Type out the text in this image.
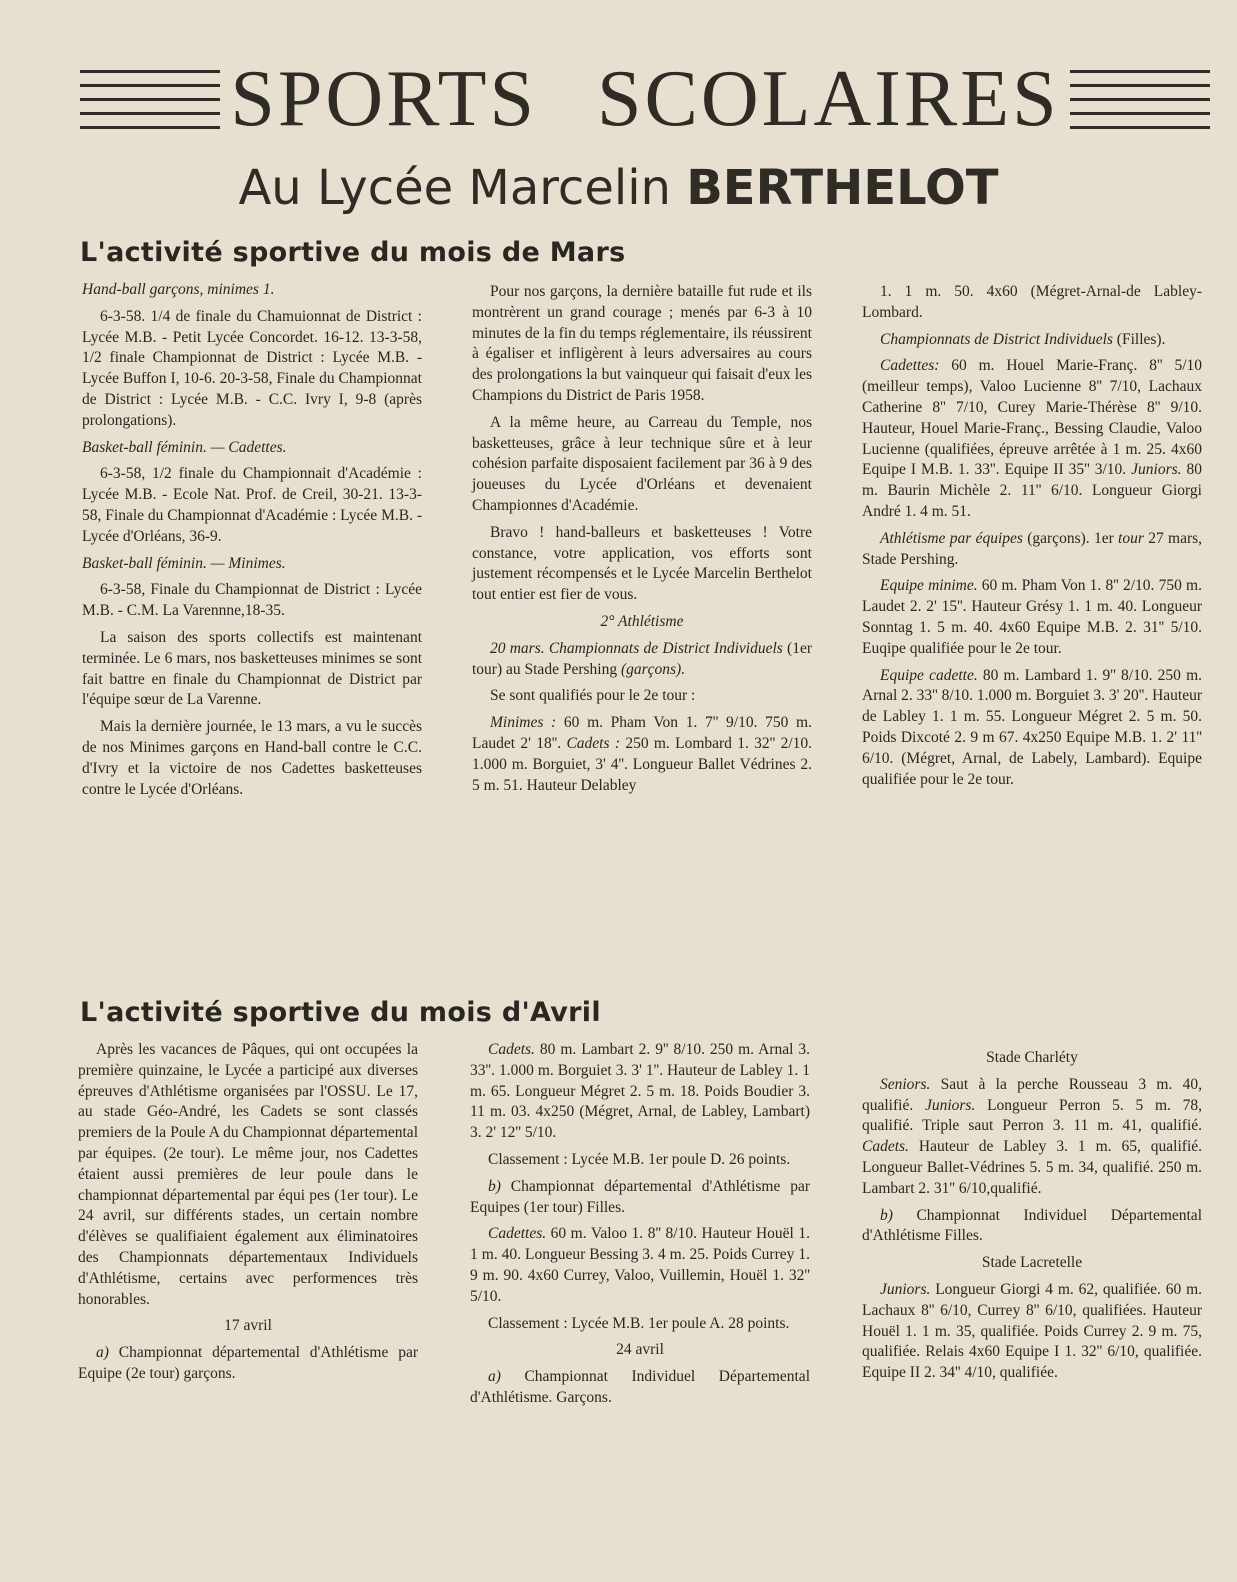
SPORTS SCOLAIRES
Au Lycée Marcelin BERTHELOT
L'activité sportive du mois de Mars

Hand-ball garçons, minimes 1.

6-3-58. 1/4 de finale du Chamuionnat de District : Lycée M.B. - Petit Lycée Concordet. 16-12. 13-3-58, 1/2 finale Championnat de District : Lycée M.B. - Lycée Buffon I, 10-6. 20-3-58, Finale du Championnat de District : Lycée M.B. - C.C. Ivry I, 9-8 (après prolongations).

Basket-ball féminin. — Cadettes.

6-3-58, 1/2 finale du Championnait d'Académie : Lycée M.B. - Ecole Nat. Prof. de Creil, 30-21. 13-3-58, Finale du Championnat d'Académie : Lycée M.B. - Lycée d'Orléans, 36-9.

Basket-ball féminin. — Minimes.

6-3-58, Finale du Championnat de District : Lycée M.B. - C.M. La Varennne,18-35.

La saison des sports collectifs est maintenant terminée. Le 6 mars, nos basketteuses minimes se sont fait battre en finale du Championnat de District par l'équipe sœur de La Varenne.

Mais la dernière journée, le 13 mars, a vu le succès de nos Minimes garçons en Hand-ball contre le C.C. d'Ivry et la victoire de nos Cadettes basketteuses contre le Lycée d'Orléans.

Pour nos garçons, la dernière bataille fut rude et ils montrèrent un grand courage ; menés par 6-3 à 10 minutes de la fin du temps réglementaire, ils réussirent à égaliser et infligèrent à leurs adversaires au cours des prolongations la but vainqueur qui faisait d'eux les Champions du District de Paris 1958.

A la même heure, au Carreau du Temple, nos basketteuses, grâce à leur technique sûre et à leur cohésion parfaite disposaient facilement par 36 à 9 des joueuses du Lycée d'Orléans et devenaient Championnes d'Académie.

Bravo ! hand-balleurs et basketteuses ! Votre constance, votre application, vos efforts sont justement récompensés et le Lycée Marcelin Berthelot tout entier est fier de vous.

2° Athlétisme

20 mars. Championnats de District Individuels (1er tour) au Stade Pershing (garçons).

Se sont qualifiés pour le 2e tour :

Minimes : 60 m. Pham Von 1. 7'' 9/10. 750 m. Laudet 2' 18''. Cadets : 250 m. Lombard 1. 32'' 2/10. 1.000 m. Borguiet, 3' 4''. Longueur Ballet Védrines 2. 5 m. 51. Hauteur Delabley

1. 1 m. 50. 4x60 (Mégret-Arnal-de Labley-Lombard.

Championnats de District Individuels (Filles).

Cadettes: 60 m. Houel Marie-Franç. 8'' 5/10 (meilleur temps), Valoo Lucienne 8'' 7/10, Lachaux Catherine 8'' 7/10, Curey Marie-Thérèse 8'' 9/10. Hauteur, Houel Marie-Franç., Bessing Claudie, Valoo Lucienne (qualifiées, épreuve arrêtée à 1 m. 25. 4x60 Equipe I M.B. 1. 33''. Equipe II 35'' 3/10. Juniors. 80 m. Baurin Michèle 2. 11'' 6/10. Longueur Giorgi André 1. 4 m. 51.

Athlétisme par équipes (garçons). 1er tour 27 mars, Stade Pershing.

Equipe minime. 60 m. Pham Von 1. 8'' 2/10. 750 m. Laudet 2. 2' 15''. Hauteur Grésy 1. 1 m. 40. Longueur Sonntag 1. 5 m. 40. 4x60 Equipe M.B. 2. 31'' 5/10. Euqipe qualifiée pour le 2e tour.

Equipe cadette. 80 m. Lambard 1. 9'' 8/10. 250 m. Arnal 2. 33'' 8/10. 1.000 m. Borguiet 3. 3' 20''. Hauteur de Labley 1. 1 m. 55. Longueur Mégret 2. 5 m. 50. Poids Dixcoté 2. 9 m 67. 4x250 Equipe M.B. 1. 2' 11'' 6/10. (Mégret, Arnal, de Labely, Lambard). Equipe qualifiée pour le 2e tour.

L'activité sportive du mois d'Avril

Après les vacances de Pâques, qui ont occupées la première quinzaine, le Lycée a participé aux diverses épreuves d'Athlétisme organisées par l'OSSU. Le 17, au stade Géo-André, les Cadets se sont classés premiers de la Poule A du Championnat départemental par équipes. (2e tour). Le même jour, nos Cadettes étaient aussi premières de leur poule dans le championnat départemental par équi pes (1er tour). Le 24 avril, sur différents stades, un certain nombre d'élèves se qualifiaient également aux éliminatoires des Championnats départementaux Individuels d'Athlétisme, certains avec performences très honorables.

17 avril

a) Championnat départemental d'Athlétisme par Equipe (2e tour) garçons.

Cadets. 80 m. Lambart 2. 9'' 8/10. 250 m. Arnal 3. 33''. 1.000 m. Borguiet 3. 3' 1''. Hauteur de Labley 1. 1 m. 65. Longueur Mégret 2. 5 m. 18. Poids Boudier 3. 11 m. 03. 4x250 (Mégret, Arnal, de Labley, Lambart) 3. 2' 12'' 5/10.

Classement : Lycée M.B. 1er poule D. 26 points.

b) Championnat départemental d'Athlétisme par Equipes (1er tour) Filles.

Cadettes. 60 m. Valoo 1. 8'' 8/10. Hauteur Houël 1. 1 m. 40. Longueur Bessing 3. 4 m. 25. Poids Currey 1. 9 m. 90. 4x60 Currey, Valoo, Vuillemin, Houël 1. 32'' 5/10.

Classement : Lycée M.B. 1er poule A. 28 points.

24 avril

a) Championnat Individuel Départemental d'Athlétisme. Garçons.

Stade Charléty

Seniors. Saut à la perche Rousseau 3 m. 40, qualifié. Juniors. Longueur Perron 5. 5 m. 78, qualifié. Triple saut Perron 3. 11 m. 41, qualifié. Cadets. Hauteur de Labley 3. 1 m. 65, qualifié. Longueur Ballet-Védrines 5. 5 m. 34, qualifié. 250 m. Lambart 2. 31'' 6/10,qualifié.

b) Championnat Individuel Départemental d'Athlétisme Filles.

Stade Lacretelle

Juniors. Longueur Giorgi 4 m. 62, qualifiée. 60 m. Lachaux 8'' 6/10, Currey 8'' 6/10, qualifiées. Hauteur Houël 1. 1 m. 35, qualifiée. Poids Currey 2. 9 m. 75, qualifiée. Relais 4x60 Equipe I 1. 32'' 6/10, qualifiée. Equipe II 2. 34'' 4/10, qualifiée.
